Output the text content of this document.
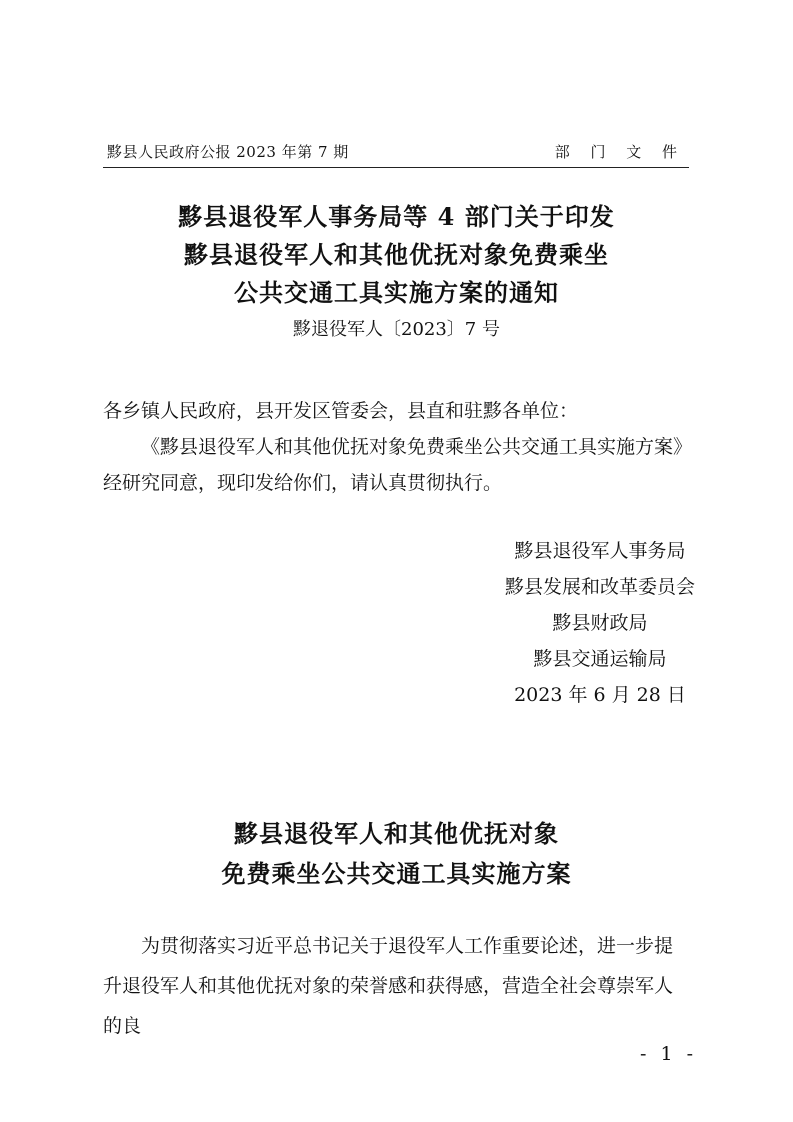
黟县人民政府公报 2023 年第 7 期	部 门 文 件
黟县退役军人事务局等 4 部门关于印发
黟县退役军人和其他优抚对象免费乘坐
公共交通工具实施方案的通知
黟退役军人〔2023〕7 号
各乡镇人民政府，县开发区管委会，县直和驻黟各单位：
《黟县退役军人和其他优抚对象免费乘坐公共交通工具实施方案》经研究同意，现印发给你们，请认真贯彻执行。
黟县退役军人事务局
黟县发展和改革委员会
黟县财政局
黟县交通运输局
2023 年 6 月 28 日
黟县退役军人和其他优抚对象
免费乘坐公共交通工具实施方案
为贯彻落实习近平总书记关于退役军人工作重要论述，进一步提升退役军人和其他优抚对象的荣誉感和获得感，营造全社会尊崇军人的良
- 1 -
